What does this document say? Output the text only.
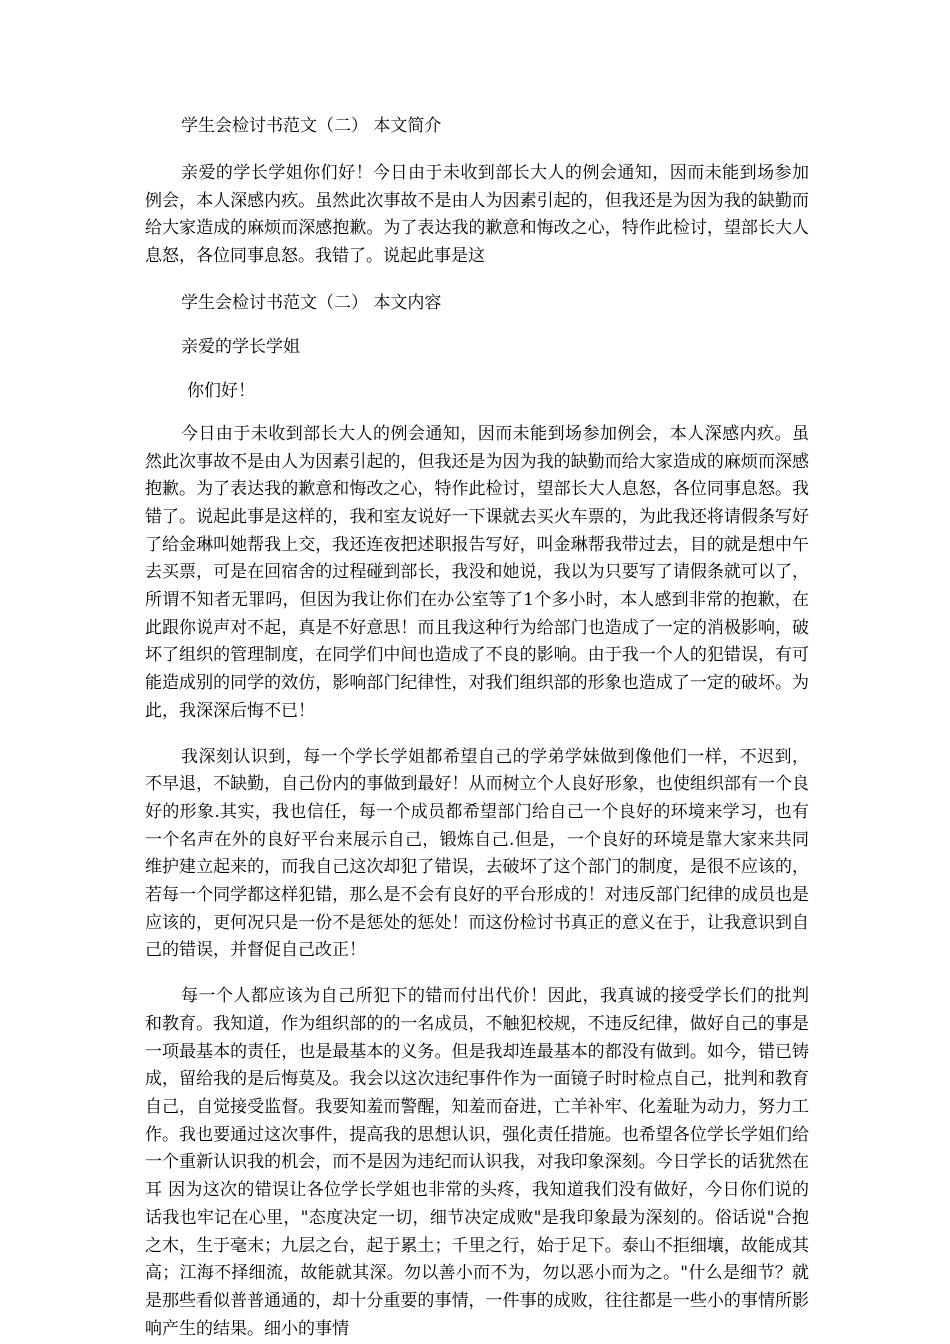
学生会检讨书范文（二） 本文简介

亲爱的学长学姐你们好！今日由于未收到部长大人的例会通知，因而未能到场参加例会，本人深感内疚。虽然此次事故不是由人为因素引起的，但我还是为因为我的缺勤而给大家造成的麻烦而深感抱歉。为了表达我的歉意和悔改之心，特作此检讨，望部长大人息怒，各位同事息怒。我错了。说起此事是这

学生会检讨书范文（二） 本文内容

亲爱的学长学姐

你们好！

今日由于未收到部长大人的例会通知，因而未能到场参加例会，本人深感内疚。虽然此次事故不是由人为因素引起的，但我还是为因为我的缺勤而给大家造成的麻烦而深感抱歉。为了表达我的歉意和悔改之心，特作此检讨，望部长大人息怒，各位同事息怒。我错了。说起此事是这样的，我和室友说好一下课就去买火车票的，为此我还将请假条写好了给金琳叫她帮我上交，我还连夜把述职报告写好，叫金琳帮我带过去，目的就是想中午去买票，可是在回宿舍的过程碰到部长，我没和她说，我以为只要写了请假条就可以了，所谓不知者无罪吗，但因为我让你们在办公室等了1个多小时，本人感到非常的抱歉，在此跟你说声对不起，真是不好意思！而且我这种行为给部门也造成了一定的消极影响，破坏了组织的管理制度，在同学们中间也造成了不良的影响。由于我一个人的犯错误，有可能造成别的同学的效仿，影响部门纪律性，对我们组织部的形象也造成了一定的破坏。为此，我深深后悔不已！

我深刻认识到，每一个学长学姐都希望自己的学弟学妹做到像他们一样，不迟到，不早退，不缺勤，自己份内的事做到最好！从而树立个人良好形象，也使组织部有一个良好的形象.其实，我也信任，每一个成员都希望部门给自己一个良好的环境来学习，也有一个名声在外的良好平台来展示自己，锻炼自己.但是，一个良好的环境是靠大家来共同维护建立起来的，而我自己这次却犯了错误，去破坏了这个部门的制度，是很不应该的，若每一个同学都这样犯错，那么是不会有良好的平台形成的！对违反部门纪律的成员也是应该的，更何况只是一份不是惩处的惩处！而这份检讨书真正的意义在于，让我意识到自己的错误，并督促自己改正！

每一个人都应该为自己所犯下的错而付出代价！因此，我真诚的接受学长们的批判和教育。我知道，作为组织部的的一名成员，不触犯校规，不违反纪律，做好自己的事是一项最基本的责任，也是最基本的义务。但是我却连最基本的都没有做到。如今，错已铸成，留给我的是后悔莫及。我会以这次违纪事件作为一面镜子时时检点自己，批判和教育自己，自觉接受监督。我要知羞而警醒，知羞而奋进，亡羊补牢、化羞耻为动力，努力工作。我也要通过这次事件，提高我的思想认识，强化责任措施。也希望各位学长学姐们给一个重新认识我的机会，而不是因为违纪而认识我，对我印象深刻。今日学长的话犹然在耳 因为这次的错误让各位学长学姐也非常的头疼，我知道我们没有做好，今日你们说的话我也牢记在心里，"态度决定一切，细节决定成败"是我印象最为深刻的。俗话说"合抱之木，生于毫末；九层之台，起于累土；千里之行，始于足下。泰山不拒细壤，故能成其高；江海不择细流，故能就其深。勿以善小而不为，勿以恶小而为之。"什么是细节？就是那些看似普普通通的，却十分重要的事情，一件事的成败，往往都是一些小的事情所影响产生的结果。细小的事情
